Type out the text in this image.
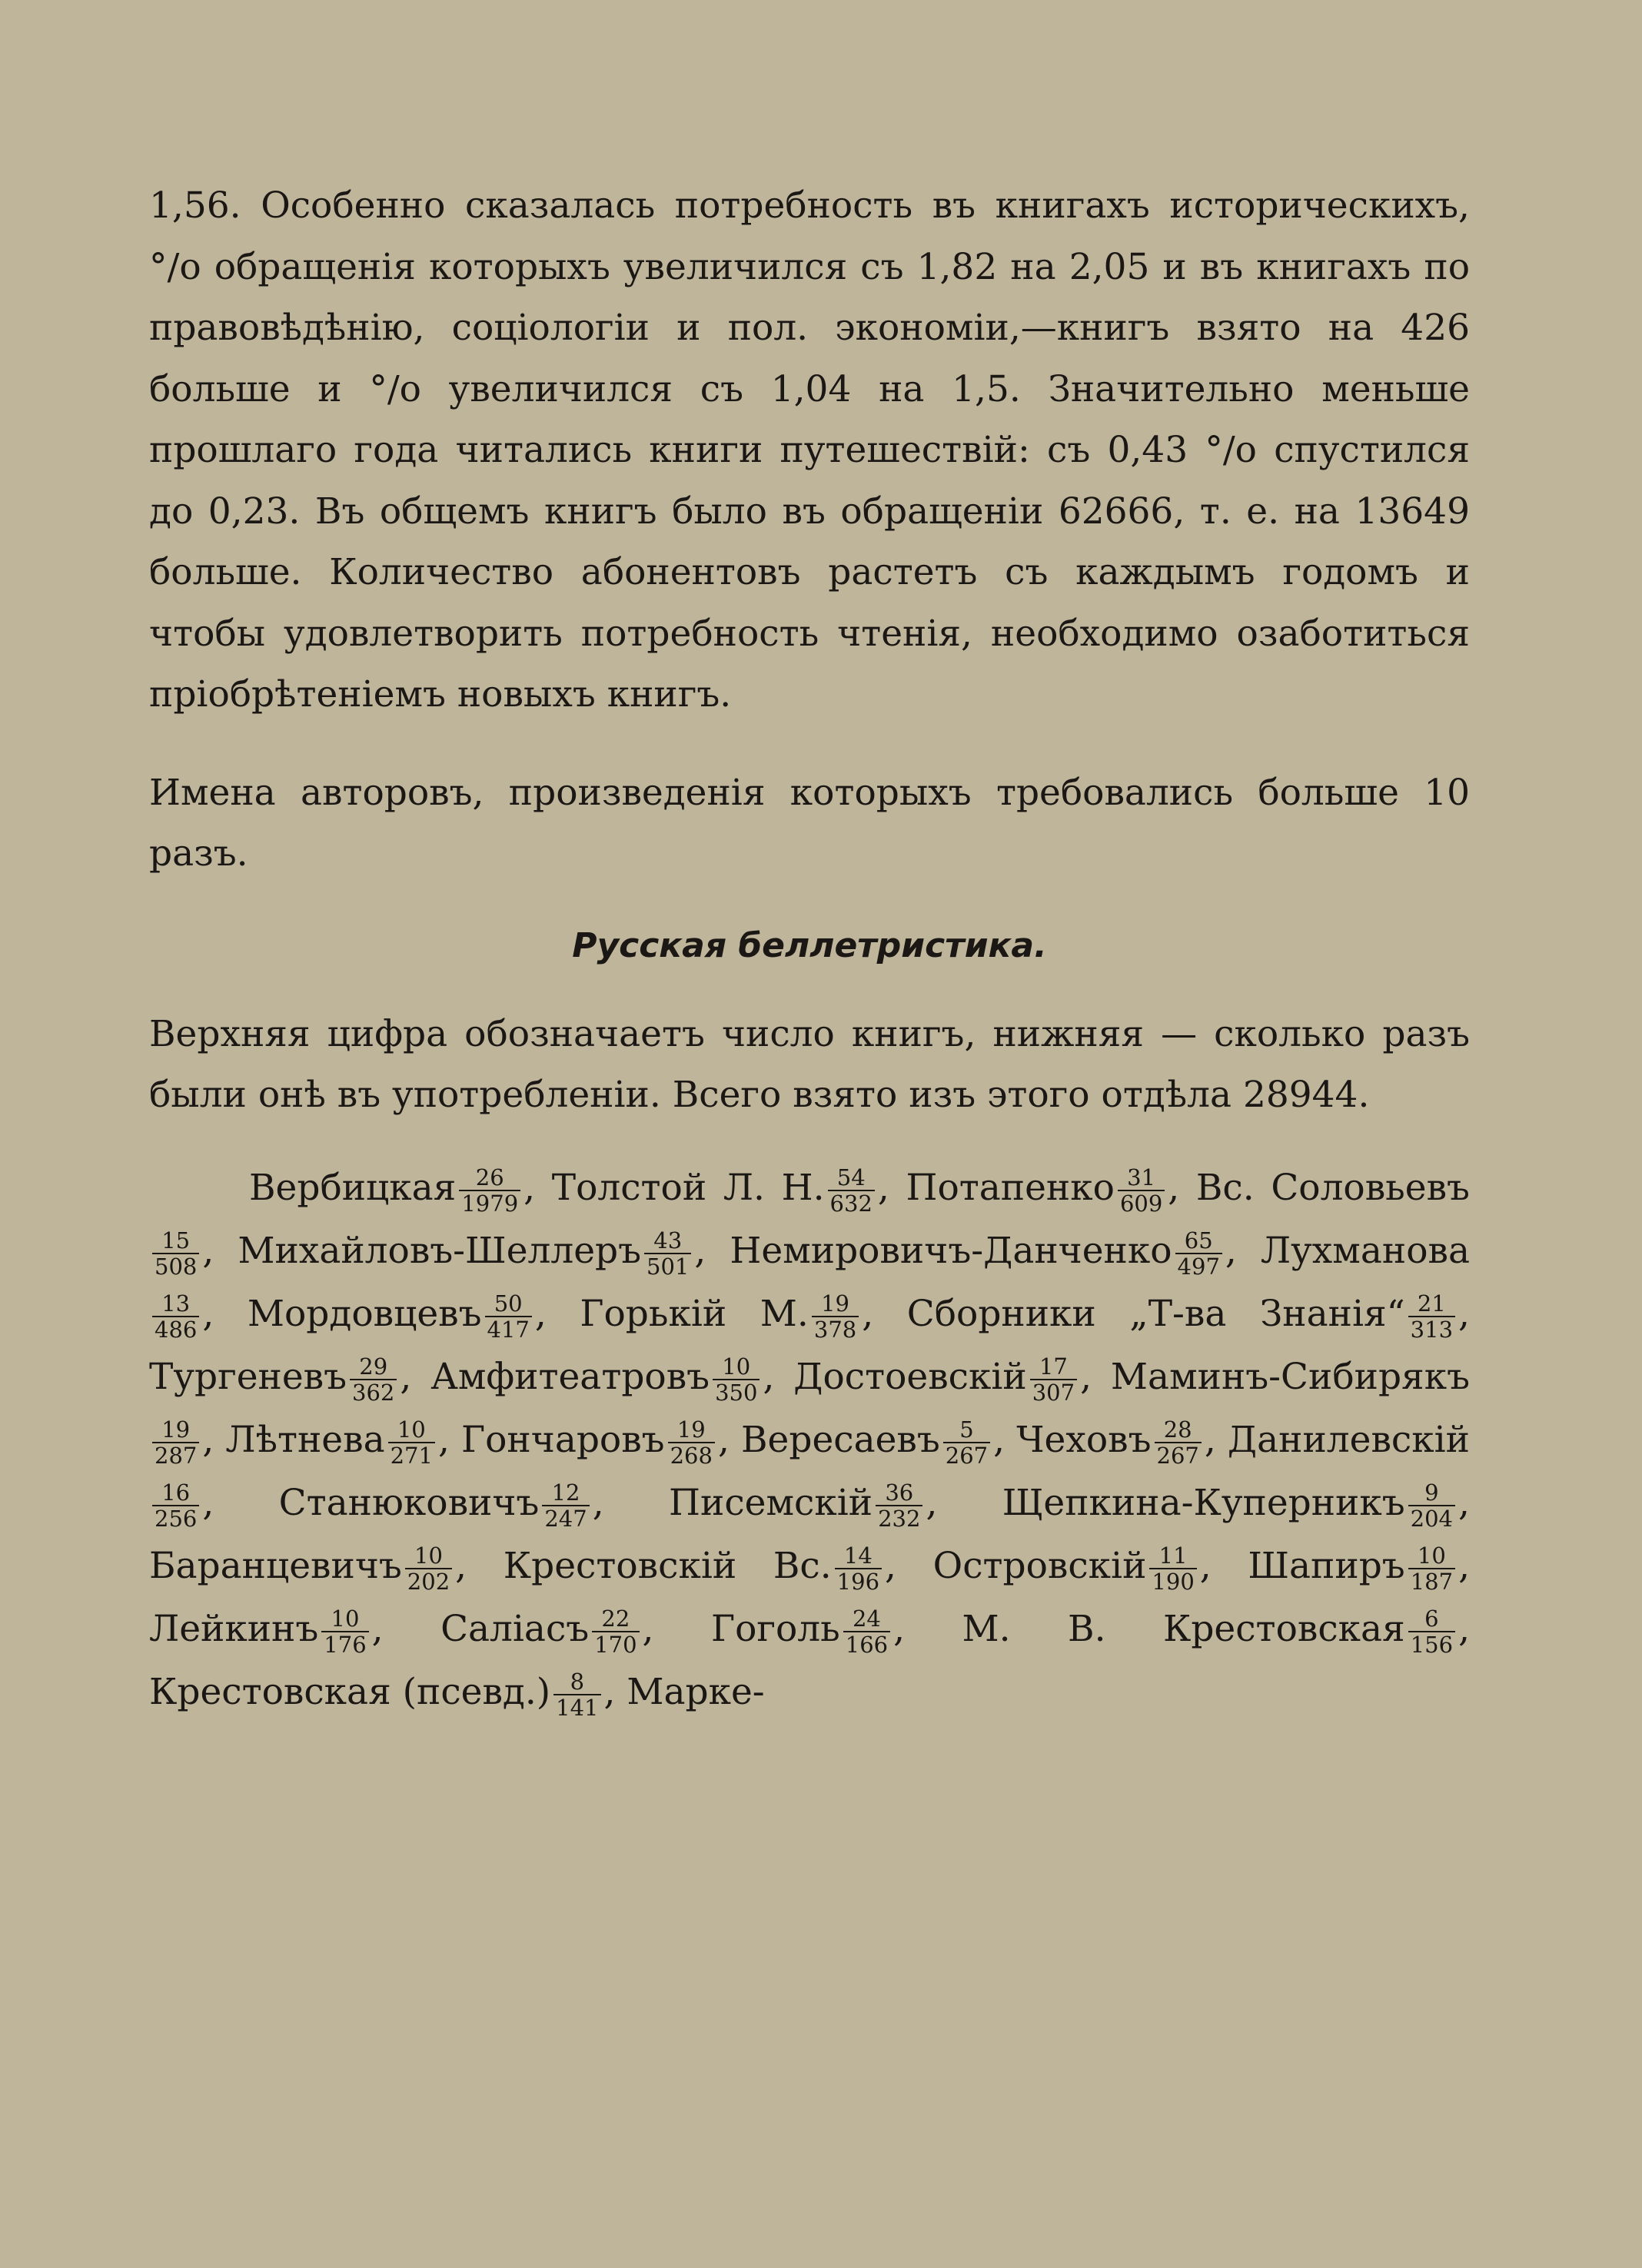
1,56. Особенно сказалась потребность въ книгахъ историческихъ, °/o обращенія которыхъ увеличился съ 1,82 на 2,05 и въ книгахъ по правовѣдѣнію, соціологіи и пол. экономіи,—книгъ взято на 426 больше и °/o увеличился съ 1,04 на 1,5. Значительно меньше прошлаго года читались книги путешествій: съ 0,43 °/o спустился до 0,23. Въ общемъ книгъ было въ обращеніи 62666, т. е. на 13649 больше. Количество абонентовъ растетъ съ каждымъ годомъ и чтобы удовлетворить потребность чтенія, необходимо озаботиться пріобрѣтеніемъ новыхъ книгъ.

Имена авторовъ, произведенія которыхъ требовались больше 10 разъ.

Русская беллетристика.

Верхняя цифра обозначаетъ число книгъ, нижняя — сколько разъ были онѣ въ употребленіи. Всего взято изъ этого отдѣла 28944.

Вербицкая $\frac{26}{1979}$ , Толстой Л. Н. $\frac{54}{632}$ , Потапенко $\frac{31}{609}$ , Вс. Соловьевъ
$\frac{15}{508}$ , Михайловъ-Шеллеръ $\frac{43}{501}$ , Немировичъ-Данченко $\frac{65}{497}$ , Лухманова
$\frac{13}{486}$ , Мордовцевъ $\frac{50}{417}$ , Горькій М. $\frac{19}{378}$ , Сборники „Т-ва Знанія“ $\frac{21}{313}$ , Тургеневъ $\frac{29}{362}$ , Амфитеатровъ $\frac{10}{350}$ , Достоевскій $\frac{17}{307}$ , Маминъ-Сибирякъ
$\frac{19}{287}$ , Лѣтнева $\frac{10}{271}$ , Гончаровъ $\frac{19}{268}$ , Вересаевъ $\frac{5}{267}$ , Чеховъ $\frac{28}{267}$ , Данилевскій
$\frac{16}{256}$ , Станюковичъ $\frac{12}{247}$ , Писемскій $\frac{36}{232}$ , Щепкина-Куперникъ $\frac{9}{204}$ , Баранцевичъ $\frac{10}{202}$ , Крестовскій Вс. $\frac{14}{196}$ , Островскій $\frac{11}{190}$ , Шапиръ $\frac{10}{187}$ , Лейкинъ $\frac{10}{176}$ , Саліасъ $\frac{22}{170}$ , Гоголь $\frac{24}{166}$ , М. В. Крестовская $\frac{6}{156}$ , Крестовская (псевд.) $\frac{8}{141}$ , Марке-
